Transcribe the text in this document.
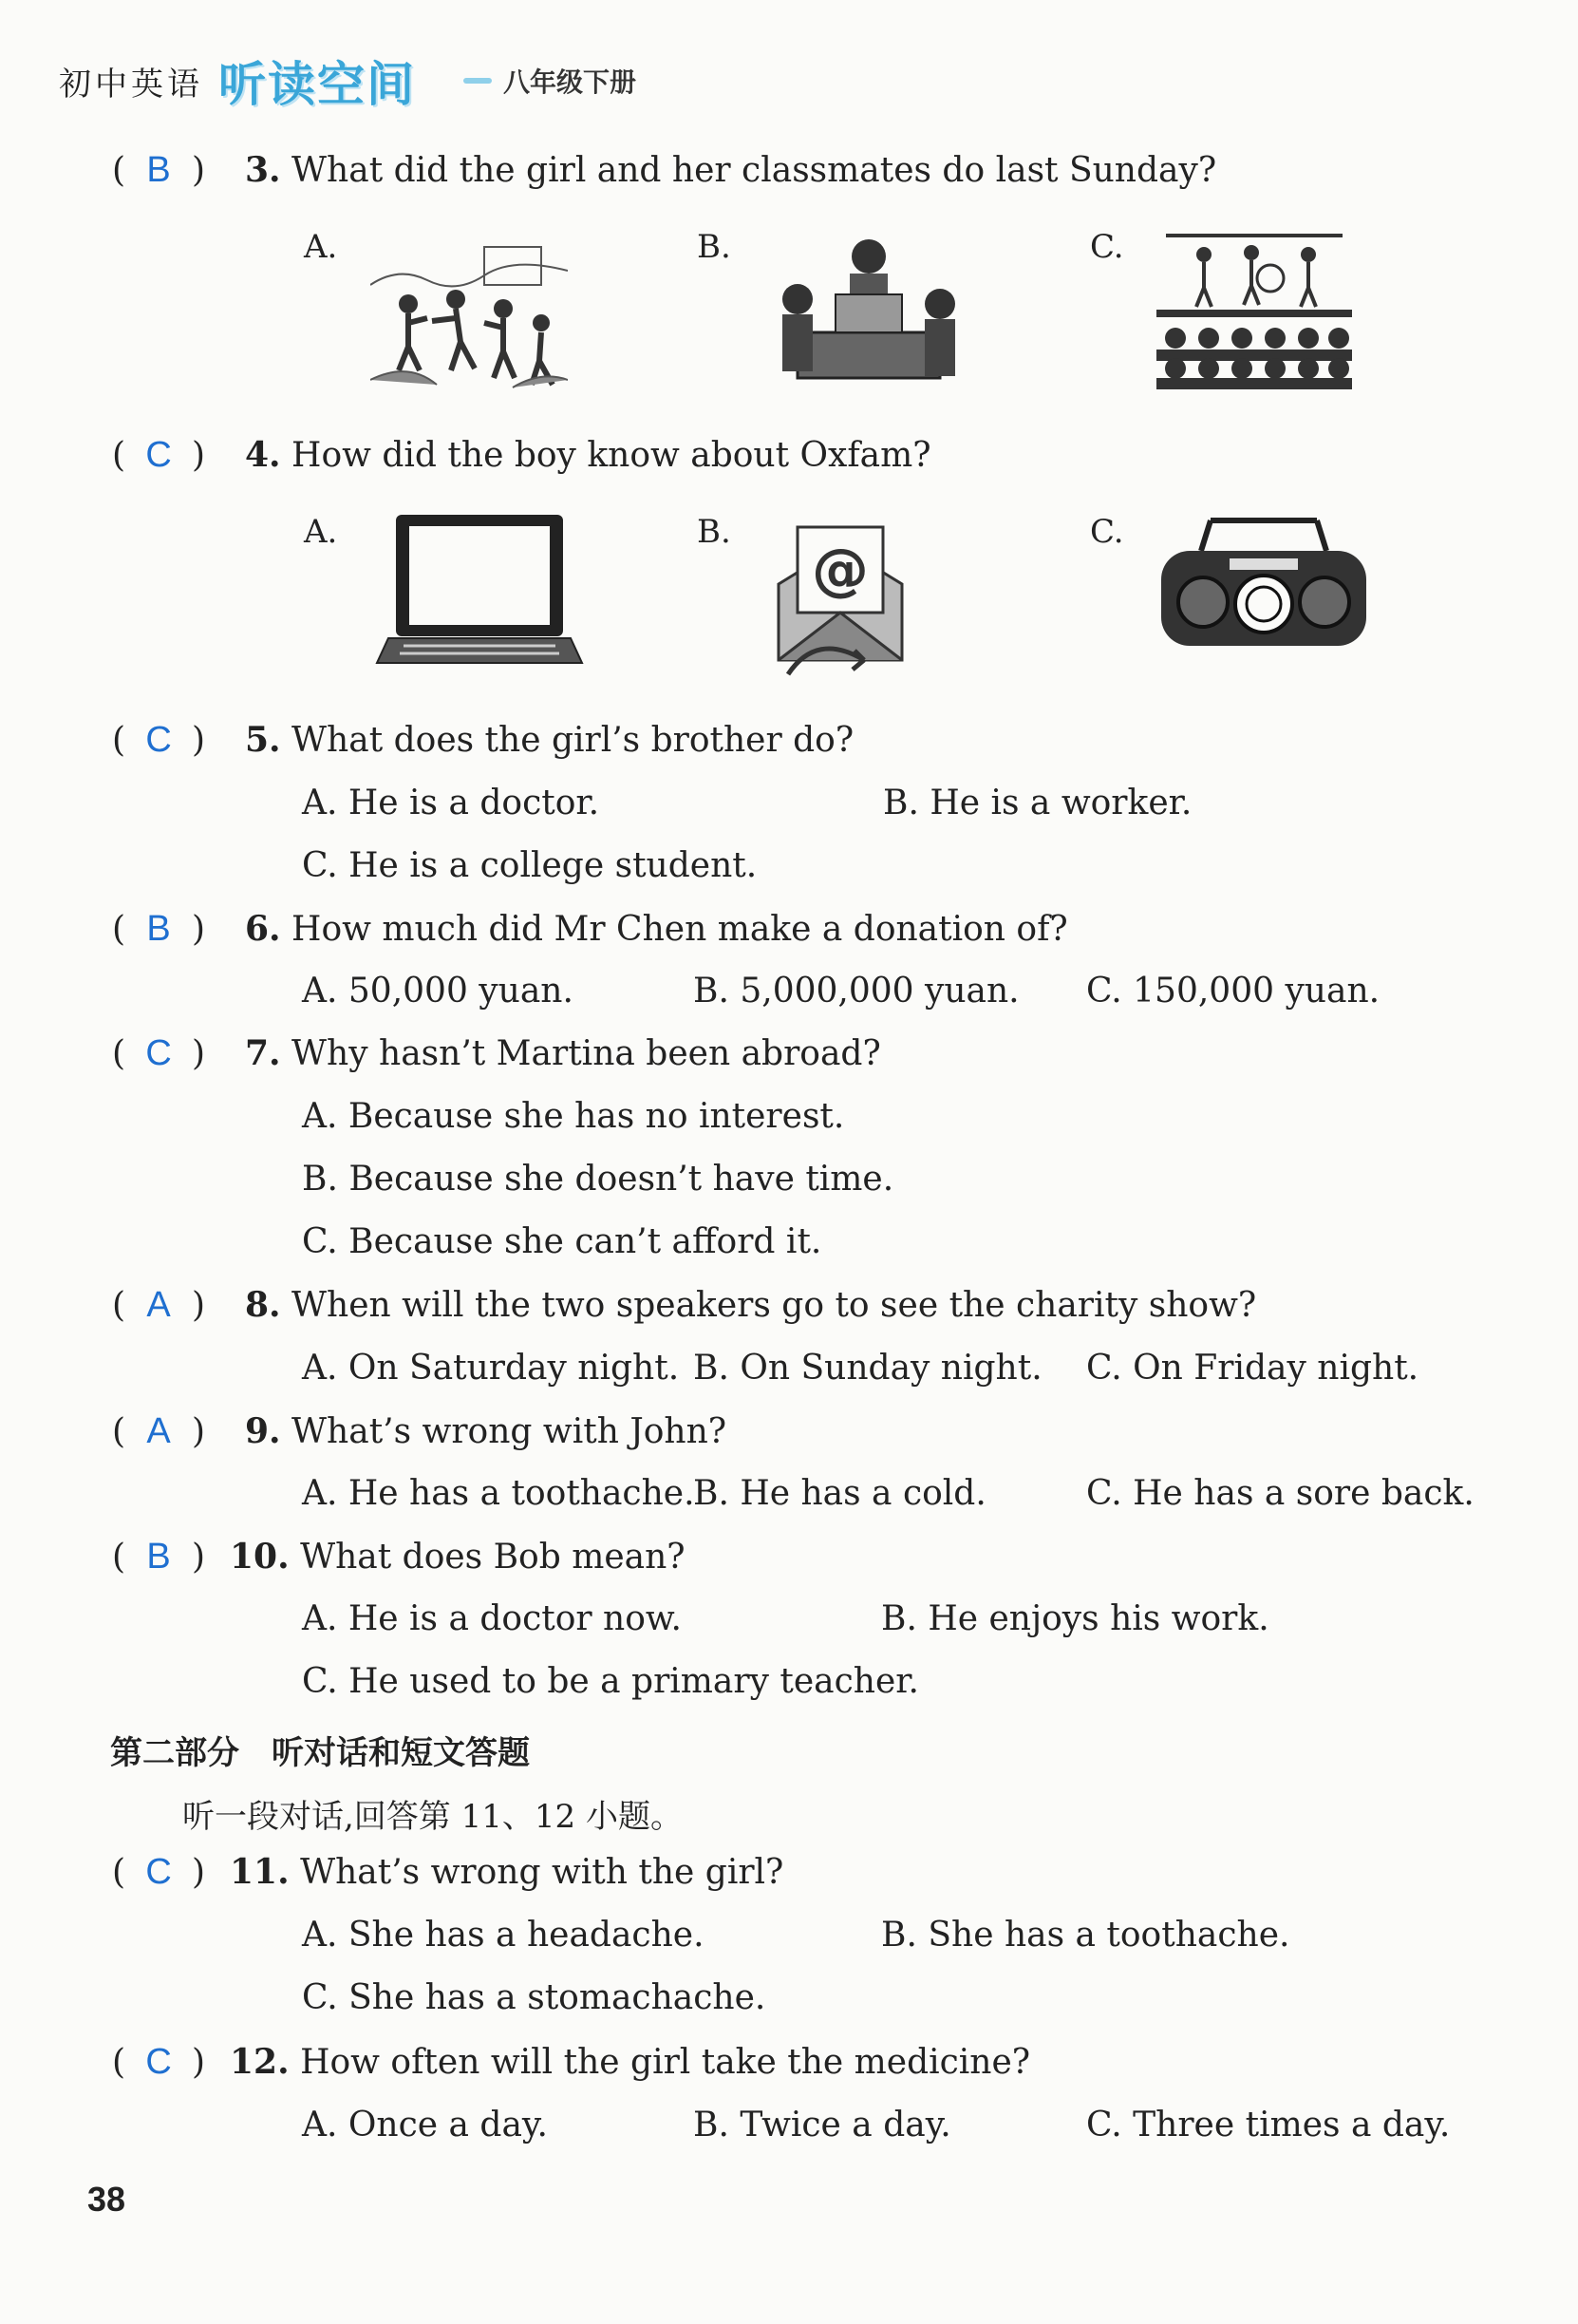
初中英语 听读空间	八年级下册
( B ) 3. What did the girl and her classmates do last Sunday?
A.	B.	C.
( C ) 4. How did the boy know about Oxfam?
A.	B.	C.
@
( C ) 5. What does the girl’s brother do?
A. He is a doctor.	B. He is a worker.
C. He is a college student.
( B ) 6. How much did Mr Chen make a donation of?
A. 50,000 yuan.	B. 5,000,000 yuan. C. 150,000 yuan.
( C ) 7. Why hasn’t Martina been abroad?
A. Because she has no interest.
B. Because she doesn’t have time.
C. Because she can’t afford it.
( A ) 8. When will the two speakers go to see the charity show?
A. On Saturday night. B. On Sunday night. C. On Friday night.
( A ) 9. What’s wrong with John?
A. He has a toothache.
B. He has a cold.	C. He has a sore back.
( B ) 10. What does Bob mean?
A. He is a doctor now.	B. He enjoys his work.
C. He used to be a primary teacher.
第二部分　听对话和短文答题
听一段对话,回答第 11、12 小题。
( C ) 11. What’s wrong with the girl?
A. She has a headache.	B. She has a toothache.
C. She has a stomachache.
( C ) 12. How often will the girl take the medicine?
A. Once a day.	B. Twice a day.	C. Three times a day.
38
